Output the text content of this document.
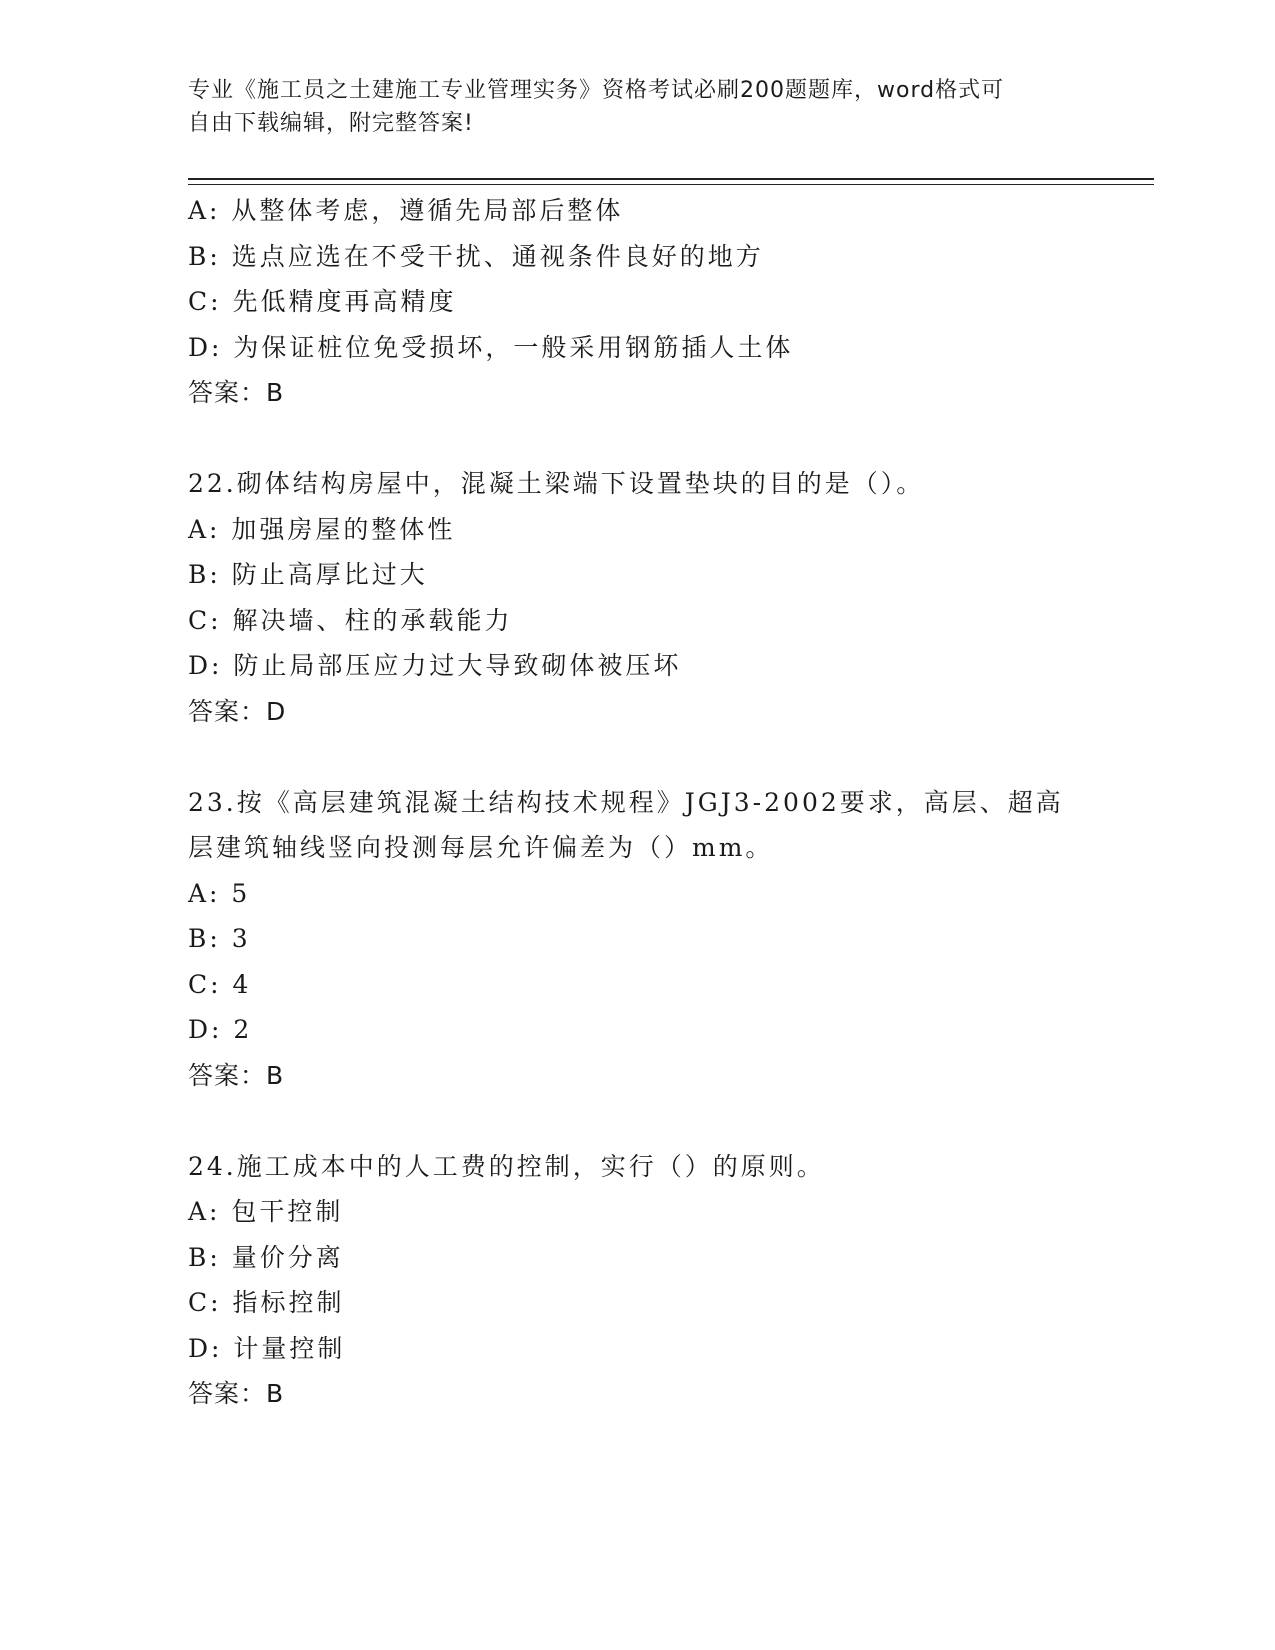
专业《施工员之土建施工专业管理实务》资格考试必刷200题题库，word格式可
自由下载编辑，附完整答案!
A: 从整体考虑，遵循先局部后整体
B: 选点应选在不受干扰、通视条件良好的地方
C: 先低精度再高精度
D: 为保证桩位免受损坏，一般采用钢筋插人土体
答案：B
22.砌体结构房屋中，混凝土梁端下设置垫块的目的是（）。
A: 加强房屋的整体性
B: 防止高厚比过大
C: 解决墙、柱的承载能力
D: 防止局部压应力过大导致砌体被压坏
答案：D
23.按《高层建筑混凝土结构技术规程》JGJ3-2002要求，高层、超高
层建筑轴线竖向投测每层允许偏差为（）mm。
A: 5
B: 3
C: 4
D: 2
答案：B
24.施工成本中的人工费的控制，实行（）的原则。
A: 包干控制
B: 量价分离
C: 指标控制
D: 计量控制
答案：B
